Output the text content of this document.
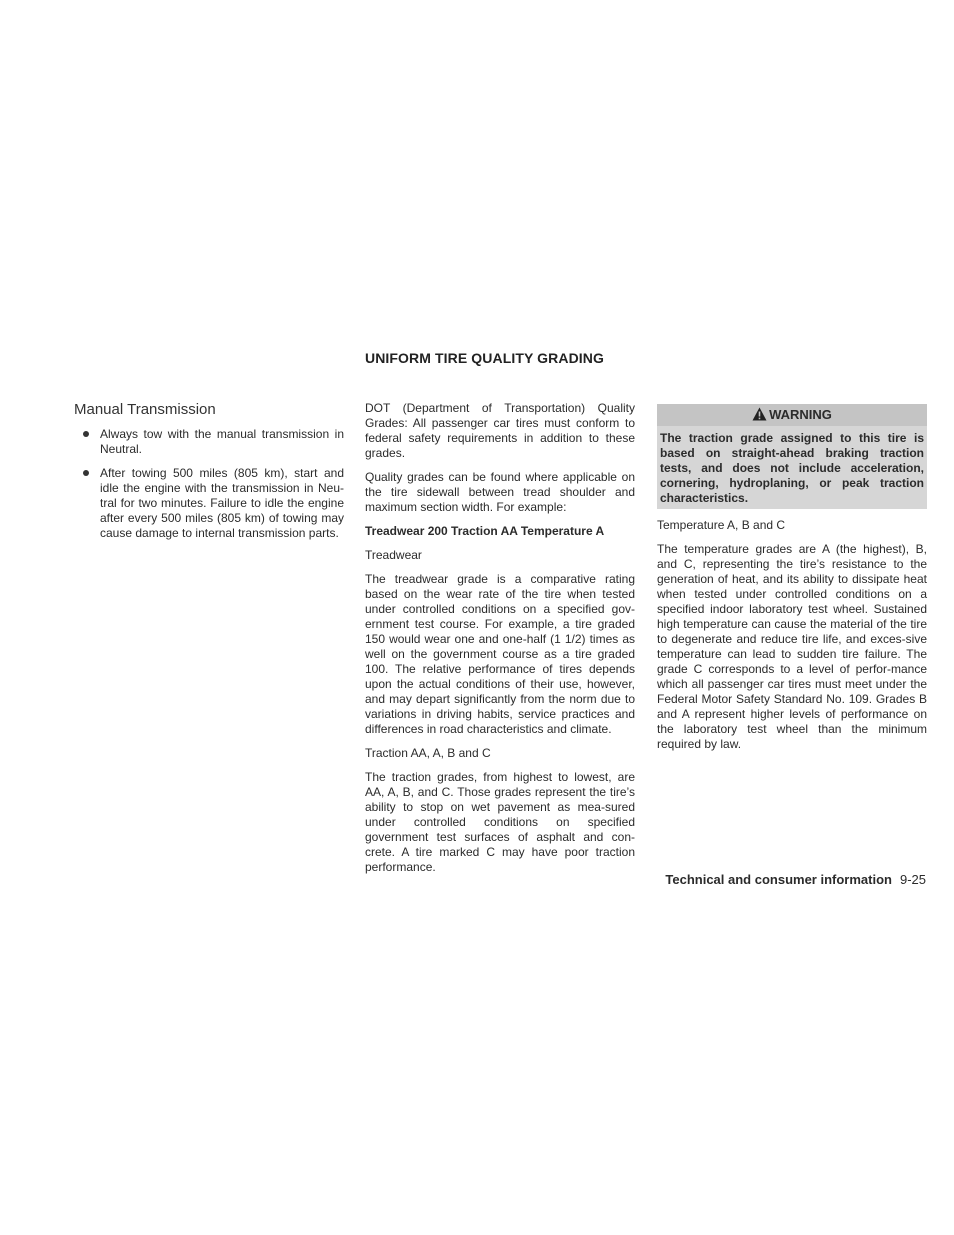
UNIFORM TIRE QUALITY GRADING
Manual Transmission
Always tow with the manual transmission in Neutral.
After towing 500 miles (805 km), start and idle the engine with the transmission in Neu-tral for two minutes. Failure to idle the engine after every 500 miles (805 km) of towing may cause damage to internal transmission parts.

DOT (Department of Transportation) Quality Grades: All passenger car tires must conform to federal safety requirements in addition to these grades.

Quality grades can be found where applicable on the tire sidewall between tread shoulder and maximum section width. For example:

Treadwear 200 Traction AA Temperature A

Treadwear

The treadwear grade is a comparative rating based on the wear rate of the tire when tested under controlled conditions on a specified gov-ernment test course. For example, a tire graded 150 would wear one and one-half (1 1/2) times as well on the government course as a tire graded 100. The relative performance of tires depends upon the actual conditions of their use, however, and may depart significantly from the norm due to variations in driving habits, service practices and differences in road characteristics and climate.

Traction AA, A, B and C

The traction grades, from highest to lowest, are AA, A, B, and C. Those grades represent the tire’s ability to stop on wet pavement as mea-sured under controlled conditions on specified government test surfaces of asphalt and con-crete. A tire marked C may have poor traction performance.

WARNING
The traction grade assigned to this tire is based on straight-ahead braking traction tests, and does not include acceleration, cornering, hydroplaning, or peak traction characteristics.

Temperature A, B and C

The temperature grades are A (the highest), B, and C, representing the tire’s resistance to the generation of heat, and its ability to dissipate heat when tested under controlled conditions on a specified indoor laboratory test wheel. Sustained high temperature can cause the material of the tire to degenerate and reduce tire life, and exces-sive temperature can lead to sudden tire failure. The grade C corresponds to a level of perfor-mance which all passenger car tires must meet under the Federal Motor Safety Standard No. 109. Grades B and A represent higher levels of performance on the laboratory test wheel than the minimum required by law.

Technical and consumer information 9-25
